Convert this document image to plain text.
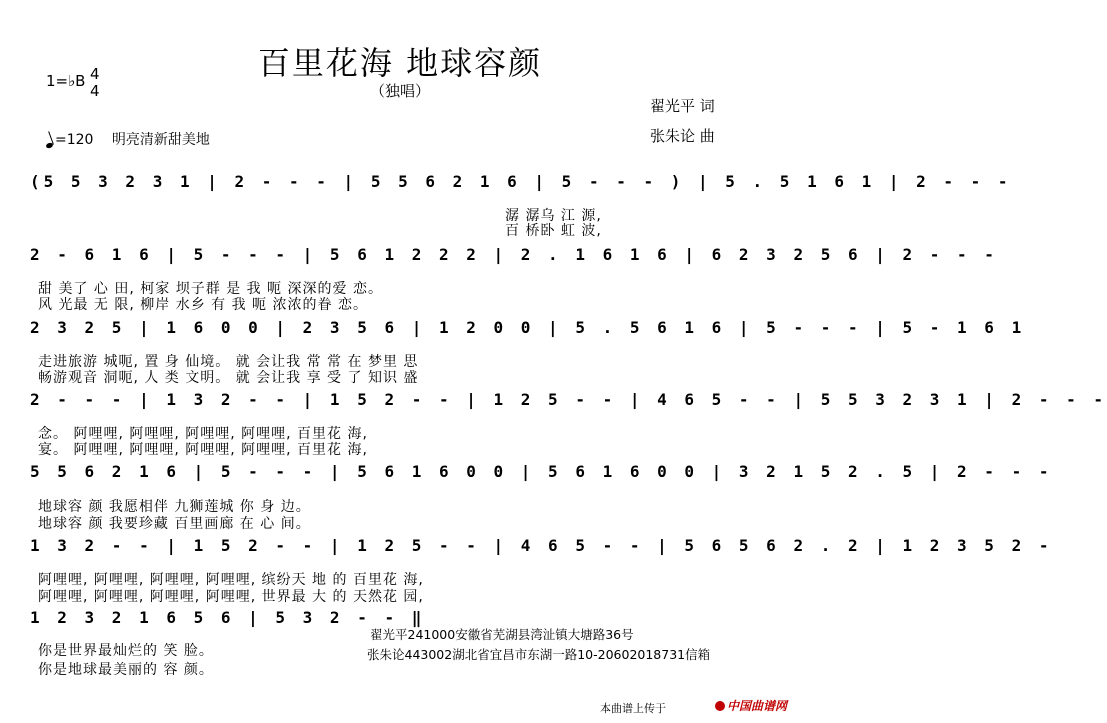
百里花海 地球容颜
（独唱）
1=♭B 4
4
=120 明亮清新甜美地
翟光平 词
张朱论 曲
(5 5 3 2 3 1 | 2 - - - | 5 5 6 2 1 6 | 5 - - - ) | 5 . 5 1 6 1 | 2 - - -
潺 潺乌 江 源,
百 桥卧 虹 波,
2 - 6 1 6 | 5 - - - | 5 6 1 2 2 2 | 2 . 1 6 1 6 | 6 2 3 2 5 6 | 2 - - -
甜 美了 心 田, 柯家 坝子群 是 我 呃 深深的爱 恋。
风 光最 无 限, 柳岸 水乡 有 我 呃 浓浓的眷 恋。
2 3 2 5 | 1 6 0 0 | 2 3 5 6 | 1 2 0 0 | 5 . 5 6 1 6 | 5 - - - | 5 - 1 6 1
走进旅游 城呃, 置 身 仙境。 就 会让我 常 常 在 梦里 思
畅游观音 洞呃, 人 类 文明。 就 会让我 享 受 了 知识 盛
2 - - - | 1 3 2 - - | 1 5 2 - - | 1 2 5 - - | 4 6 5 - - | 5 5 3 2 3 1 | 2 - - -
念。 阿哩哩, 阿哩哩, 阿哩哩, 阿哩哩, 百里花 海,
宴。 阿哩哩, 阿哩哩, 阿哩哩, 阿哩哩, 百里花 海,
5 5 6 2 1 6 | 5 - - - | 5 6 1 6 0 0 | 5 6 1 6 0 0 | 3 2 1 5 2 . 5 | 2 - - -
地球容 颜 我愿相伴 九狮莲城 你 身 边。
地球容 颜 我要珍藏 百里画廊 在 心 间。
1 3 2 - - | 1 5 2 - - | 1 2 5 - - | 4 6 5 - - | 5 6 5 6 2 . 2 | 1 2 3 5 2 -
阿哩哩, 阿哩哩, 阿哩哩, 阿哩哩, 缤纷天 地 的 百里花 海,
阿哩哩, 阿哩哩, 阿哩哩, 阿哩哩, 世界最 大 的 天然花 园,
1 2 3 2 1 6 5 6 | 5 3 2 - - ‖
你是世界最灿烂的 笑 脸。
你是地球最美丽的 容 颜。
翟光平241000安徽省芜湖县湾沚镇大塘路36号
张朱论443002湖北省宜昌市东湖一路10-20602018731信箱
本曲谱上传于	中国曲谱网
